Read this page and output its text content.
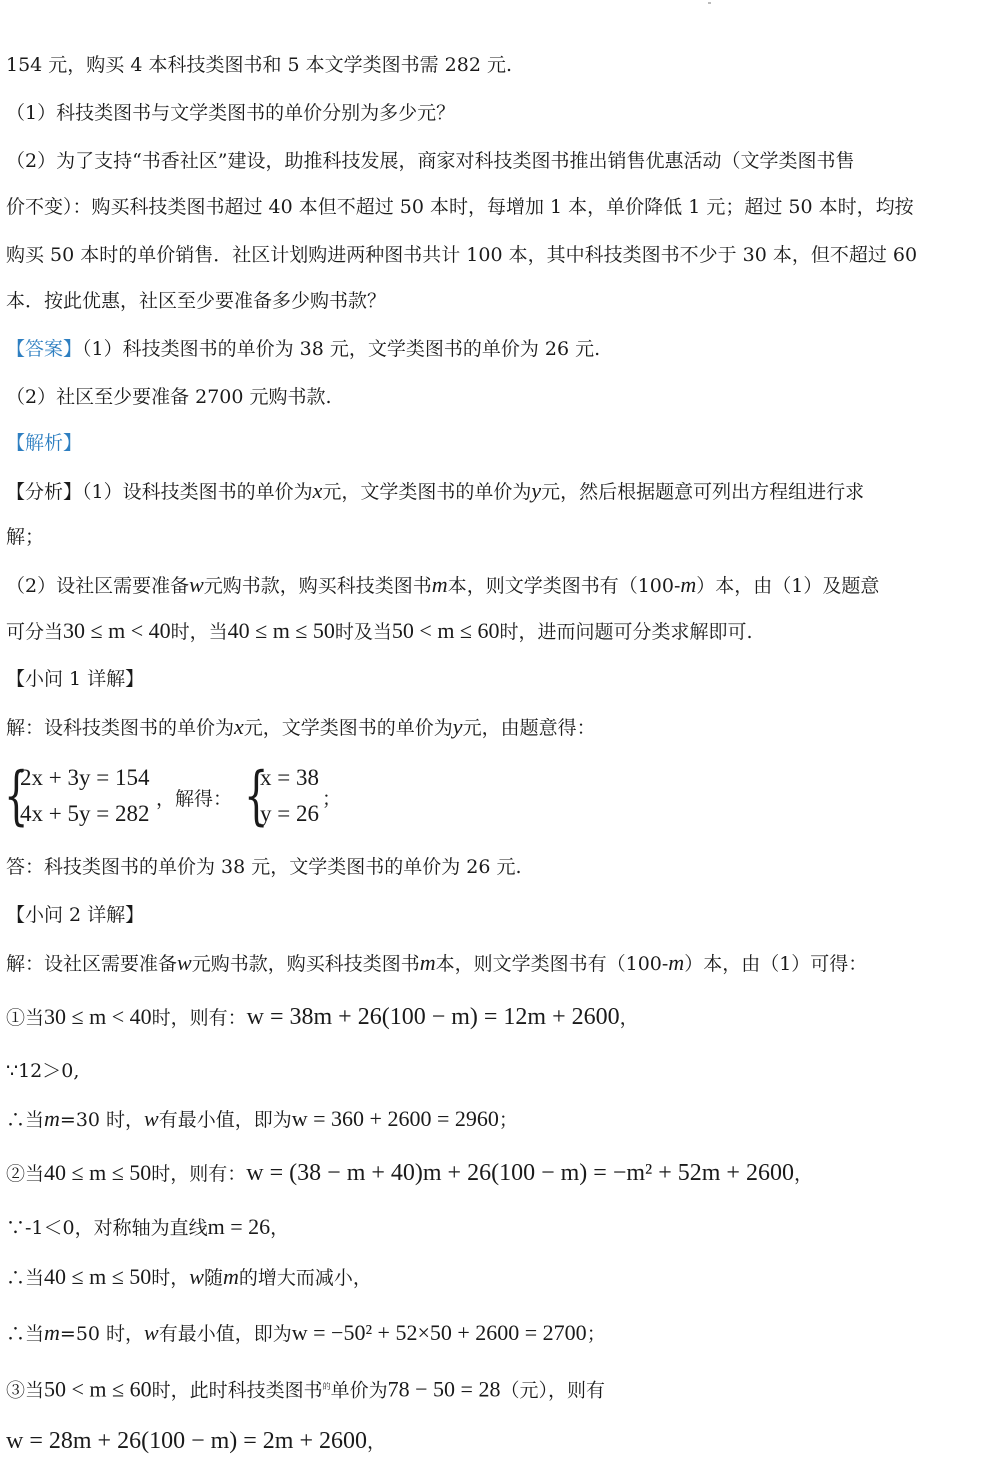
154 元，购买 4 本科技类图书和 5 本文学类图书需 282 元.
（1）科技类图书与文学类图书的单价分别为多少元？
（2）为了支持“书香社区”建设，助推科技发展，商家对科技类图书推出销售优惠活动（文学类图书售
价不变）：购买科技类图书超过 40 本但不超过 50 本时，每增加 1 本，单价降低 1 元；超过 50 本时，均按
购买 50 本时的单价销售．社区计划购进两种图书共计 100 本，其中科技类图书不少于 30 本，但不超过 60
本．按此优惠，社区至少要准备多少购书款？
【答案】（1）科技类图书的单价为 38 元，文学类图书的单价为 26 元.
（2）社区至少要准备 2700 元购书款.
【解析】
【分析】（1）设科技类图书的单价为x元，文学类图书的单价为y元，然后根据题意可列出方程组进行求
解；
（2）设社区需要准备w元购书款，购买科技类图书m本，则文学类图书有（100-m）本，由（1）及题意
可分当30 ≤ m < 40时，当40 ≤ m ≤ 50时及当50 < m ≤ 60时，进而问题可分类求解即可.
【小问 1 详解】
解：设科技类图书的单价为x元，文学类图书的单价为y元，由题意得：
{
2x + 3y = 154
4x + 5y = 282
，解得： {
x = 38
y = 26
；
答：科技类图书的单价为 38 元，文学类图书的单价为 26 元.
【小问 2 详解】
解：设社区需要准备w元购书款，购买科技类图书m本，则文学类图书有（100-m）本，由（1）可得：
①当30 ≤ m < 40时，则有：w = 38m + 26(100 − m) = 12m + 2600，
∵12＞0,
∴当m=30 时，w有最小值，即为w = 360 + 2600 = 2960；
②当40 ≤ m ≤ 50时，则有：w = (38 − m + 40)m + 26(100 − m) = −m² + 52m + 2600，
∵-1＜0，对称轴为直线m = 26，
∴当40 ≤ m ≤ 50时，w随m的增大而减小，
∴当m=50 时，w有最小值，即为w = −50² + 52×50 + 2600 = 2700；
③当50 < m ≤ 60时，此时科技类图书$^的$单价为78 − 50 = 28（元），则有
w = 28m + 26(100 − m) = 2m + 2600，
